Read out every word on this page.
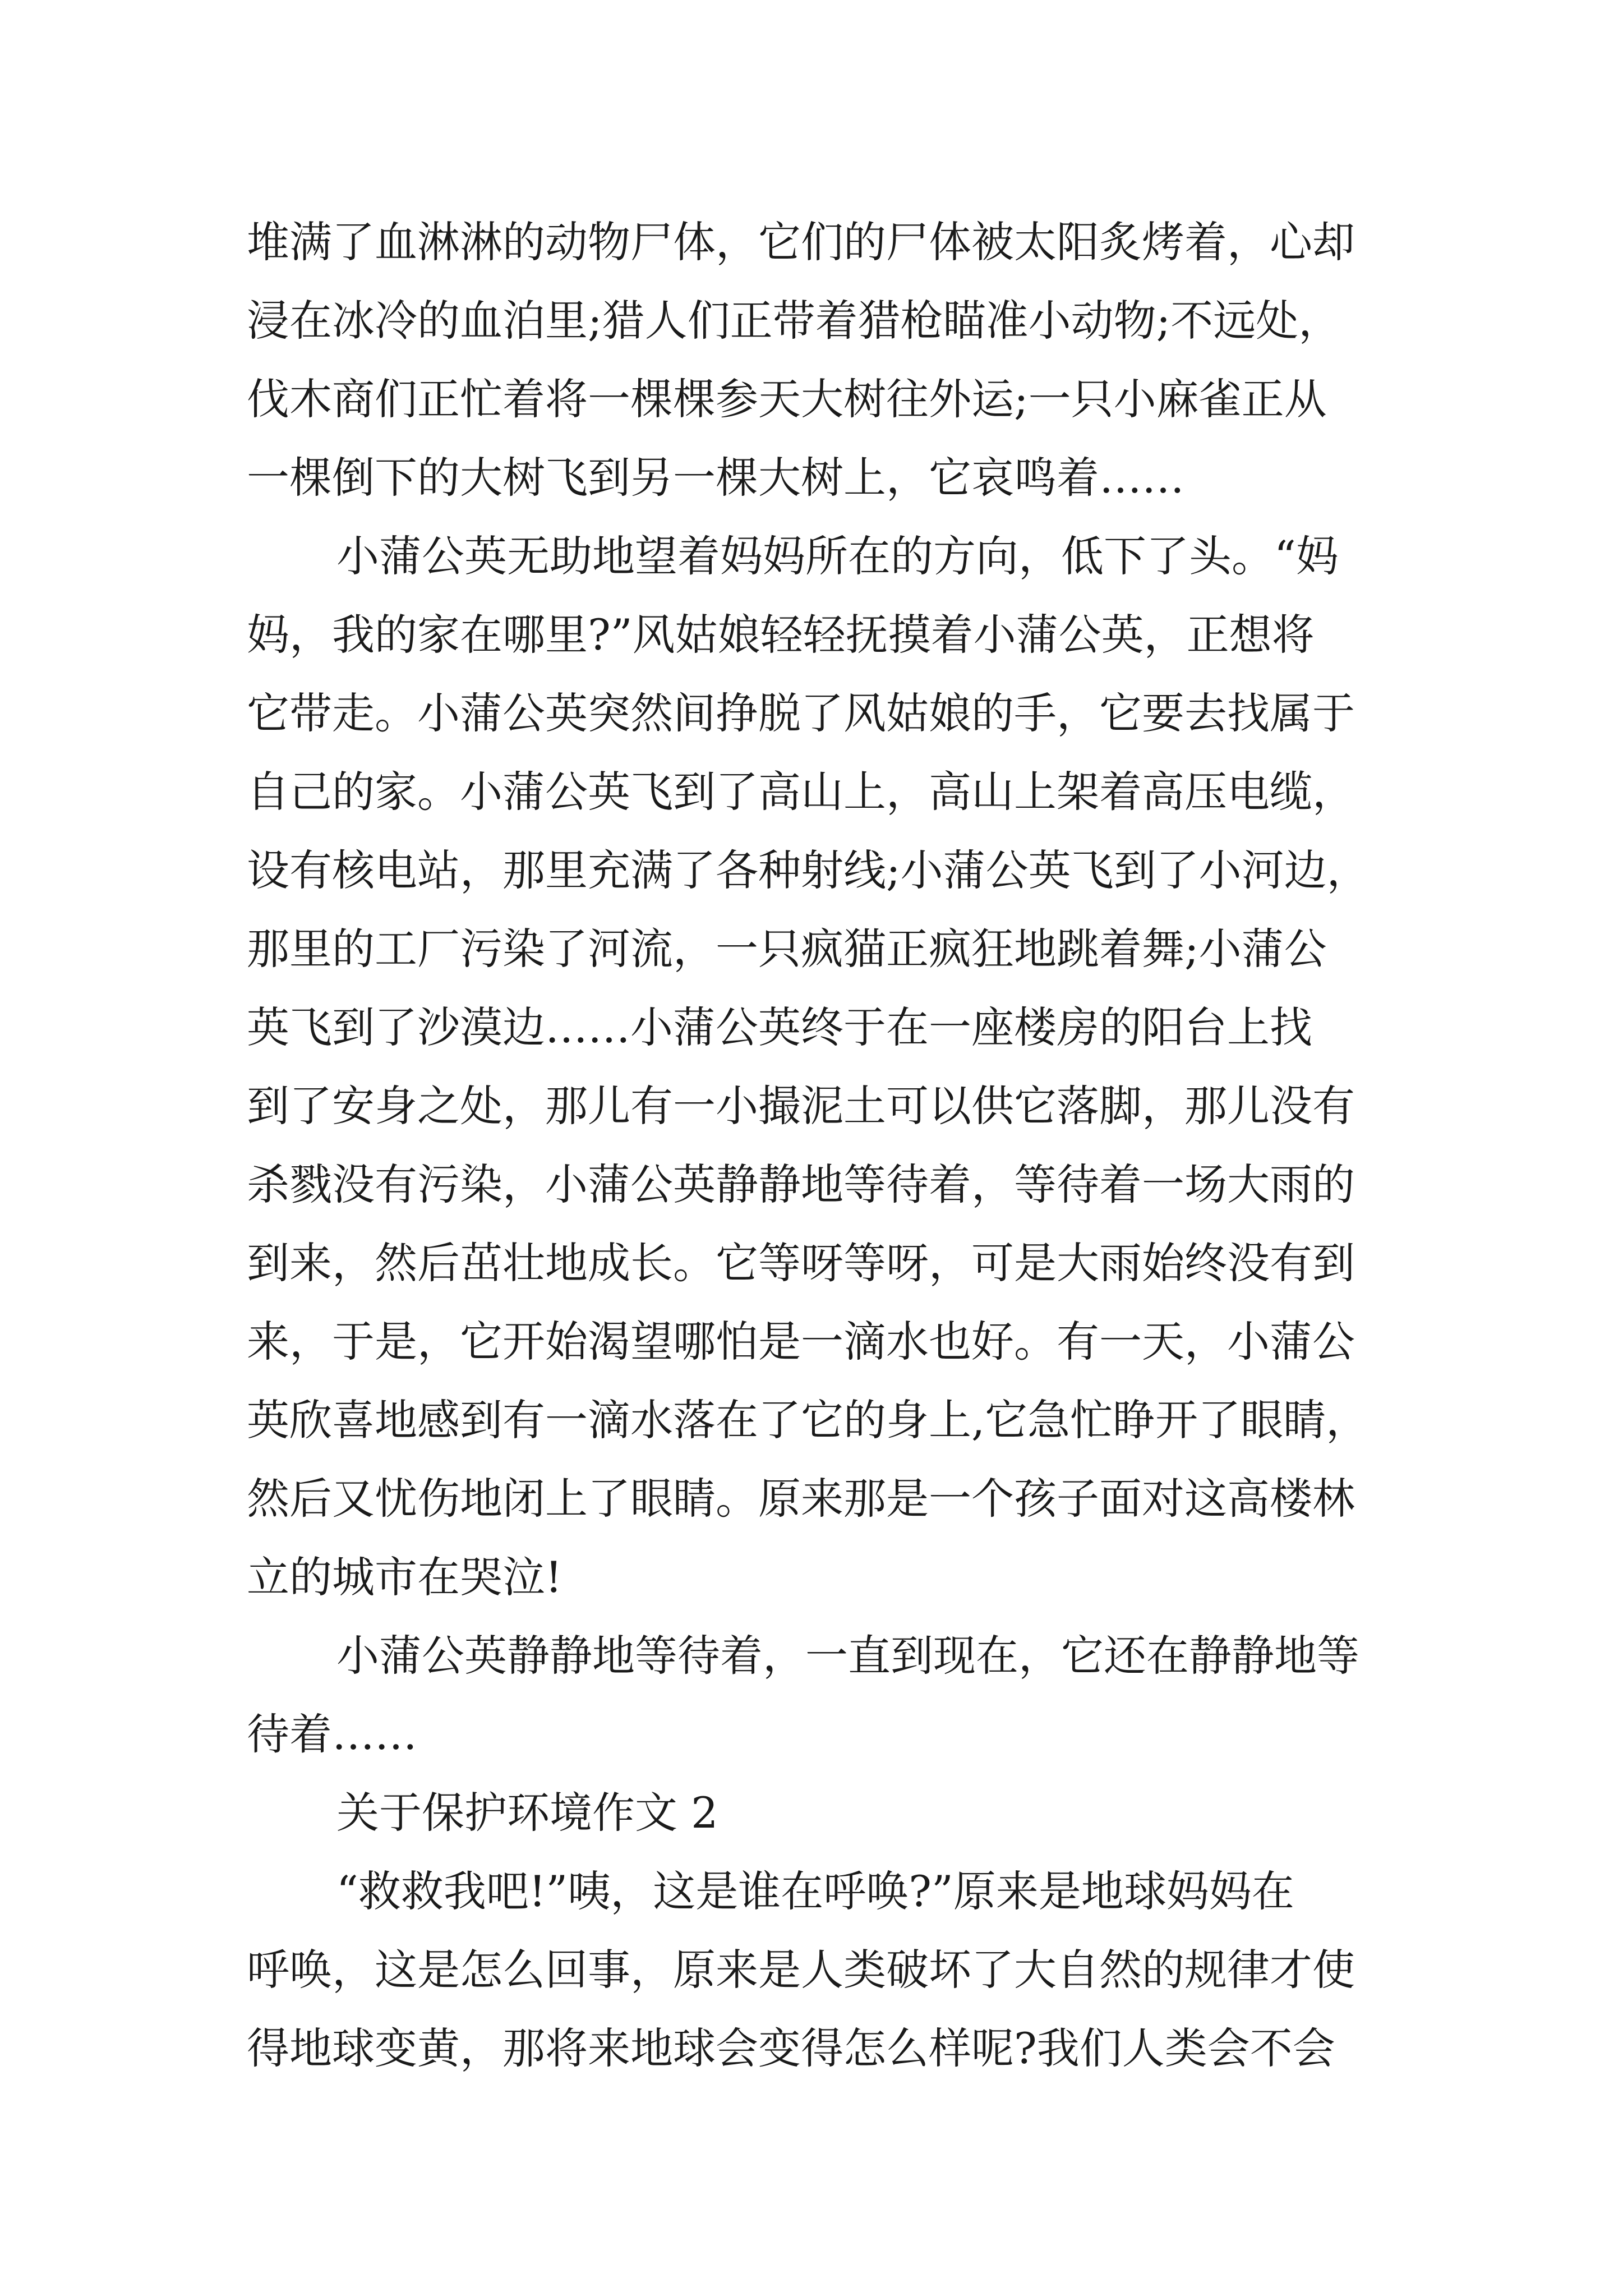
堆满了血淋淋的动物尸体，它们的尸体被太阳炙烤着，心却

浸在冰冷的血泊里;猎人们正带着猎枪瞄准小动物;不远处，

伐木商们正忙着将一棵棵参天大树往外运;一只小麻雀正从

一棵倒下的大树飞到另一棵大树上，它哀鸣着……

小蒲公英无助地望着妈妈所在的方向，低下了头。“妈

妈，我的家在哪里?”风姑娘轻轻抚摸着小蒲公英，正想将

它带走。小蒲公英突然间挣脱了风姑娘的手，它要去找属于

自己的家。小蒲公英飞到了高山上，高山上架着高压电缆，

设有核电站，那里充满了各种射线;小蒲公英飞到了小河边，

那里的工厂污染了河流，一只疯猫正疯狂地跳着舞;小蒲公

英飞到了沙漠边……小蒲公英终于在一座楼房的阳台上找

到了安身之处，那儿有一小撮泥土可以供它落脚，那儿没有

杀戮没有污染，小蒲公英静静地等待着，等待着一场大雨的

到来，然后茁壮地成长。它等呀等呀，可是大雨始终没有到

来，于是，它开始渴望哪怕是一滴水也好。有一天，小蒲公

英欣喜地感到有一滴水落在了它的身上,它急忙睁开了眼睛，

然后又忧伤地闭上了眼睛。原来那是一个孩子面对这高楼林

立的城市在哭泣!

小蒲公英静静地等待着，一直到现在，它还在静静地等

待着……

关于保护环境作文 2

“救救我吧!”咦，这是谁在呼唤?”原来是地球妈妈在

呼唤，这是怎么回事，原来是人类破坏了大自然的规律才使

得地球变黄，那将来地球会变得怎么样呢?我们人类会不会
